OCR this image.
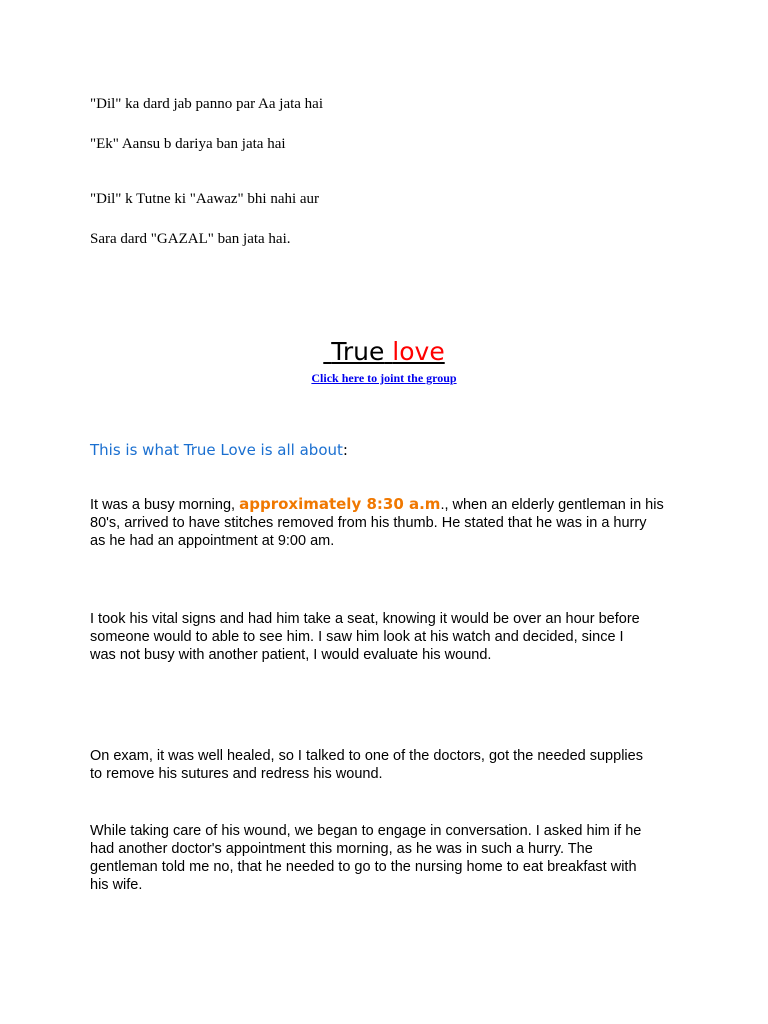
"Dil" ka dard jab panno par Aa jata hai
"Ek" Aansu b dariya ban jata hai
"Dil" k Tutne ki "Aawaz" bhi nahi aur
Sara dard "GAZAL" ban jata hai.
True love
Click here to joint the group
This is what True Love is all about:

It was a busy morning, approximately 8:30 a.m., when an elderly gentleman in his
80's, arrived to have stitches removed from his thumb. He stated that he was in a hurry
as he had an appointment at 9:00 am.

I took his vital signs and had him take a seat, knowing it would be over an hour before
someone would to able to see him. I saw him look at his watch and decided, since I
was not busy with another patient, I would evaluate his wound.

On exam, it was well healed, so I talked to one of the doctors, got the needed supplies
to remove his sutures and redress his wound.

While taking care of his wound, we began to engage in conversation. I asked him if he
had another doctor's appointment this morning, as he was in such a hurry. The
gentleman told me no, that he needed to go to the nursing home to eat breakfast with
his wife.
